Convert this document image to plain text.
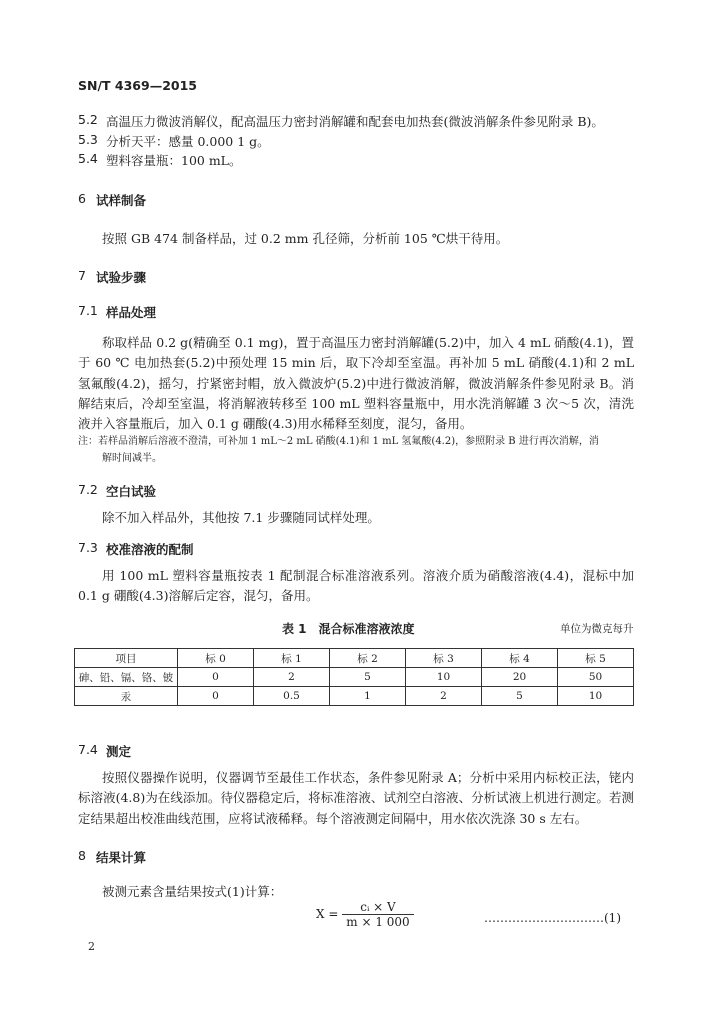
SN/T 4369—2015
5.2 高温压力微波消解仪，配高温压力密封消解罐和配套电加热套(微波消解条件参见附录 B)。
5.3 分析天平：感量 0.000 1 g。
5.4 塑料容量瓶：100 mL。
6 试样制备

按照 GB 474 制备样品，过 0.2 mm 孔径筛，分析前 105 ℃烘干待用。

7 试验步骤
7.1 样品处理

称取样品 0.2 g(精确至 0.1 mg)，置于高温压力密封消解罐(5.2)中，加入 4 mL 硝酸(4.1)，置于 60 ℃ 电加热套(5.2)中预处理 15 min 后，取下冷却至室温。再补加 5 mL 硝酸(4.1)和 2 mL 氢氟酸(4.2)，摇匀，拧紧密封帽，放入微波炉(5.2)中进行微波消解，微波消解条件参见附录 B。消解结束后，冷却至室温，将消解液转移至 100 mL 塑料容量瓶中，用水洗消解罐 3 次～5 次，清洗液并入容量瓶后，加入 0.1 g 硼酸(4.3)用水稀释至刻度，混匀，备用。

注：若样品消解后溶液不澄清，可补加 1 mL～2 mL 硝酸(4.1)和 1 mL 氢氟酸(4.2)，参照附录 B 进行再次消解，消
解时间减半。
7.2 空白试验

除不加入样品外，其他按 7.1 步骤随同试样处理。

7.3 校准溶液的配制

用 100 mL 塑料容量瓶按表 1 配制混合标准溶液系列。溶液介质为硝酸溶液(4.4)，混标中加 0.1 g 硼酸(4.3)溶解后定容，混匀，备用。

表 1　混合标准溶液浓度	单位为微克每升
项目	标 0	标 1	标 2	标 3	标 4	标 5
砷、铅、镉、铬、铍	0	2	5	10	20	50
汞	0	0.5	1	2	5	10
7.4 测定

按照仪器操作说明，仪器调节至最佳工作状态，条件参见附录 A；分析中采用内标校正法，铑内标溶液(4.8)为在线添加。待仪器稳定后，将标准溶液、试剂空白溶液、分析试液上机进行测定。若测定结果超出校准曲线范围，应将试液稀释。每个溶液测定间隔中，用水依次洗涤 30 s 左右。

8 结果计算

被测元素含量结果按式(1)计算：

$X = \frac{\text{cᵢ × V}}{m \times 1 000}$	…………………………(1)
2
